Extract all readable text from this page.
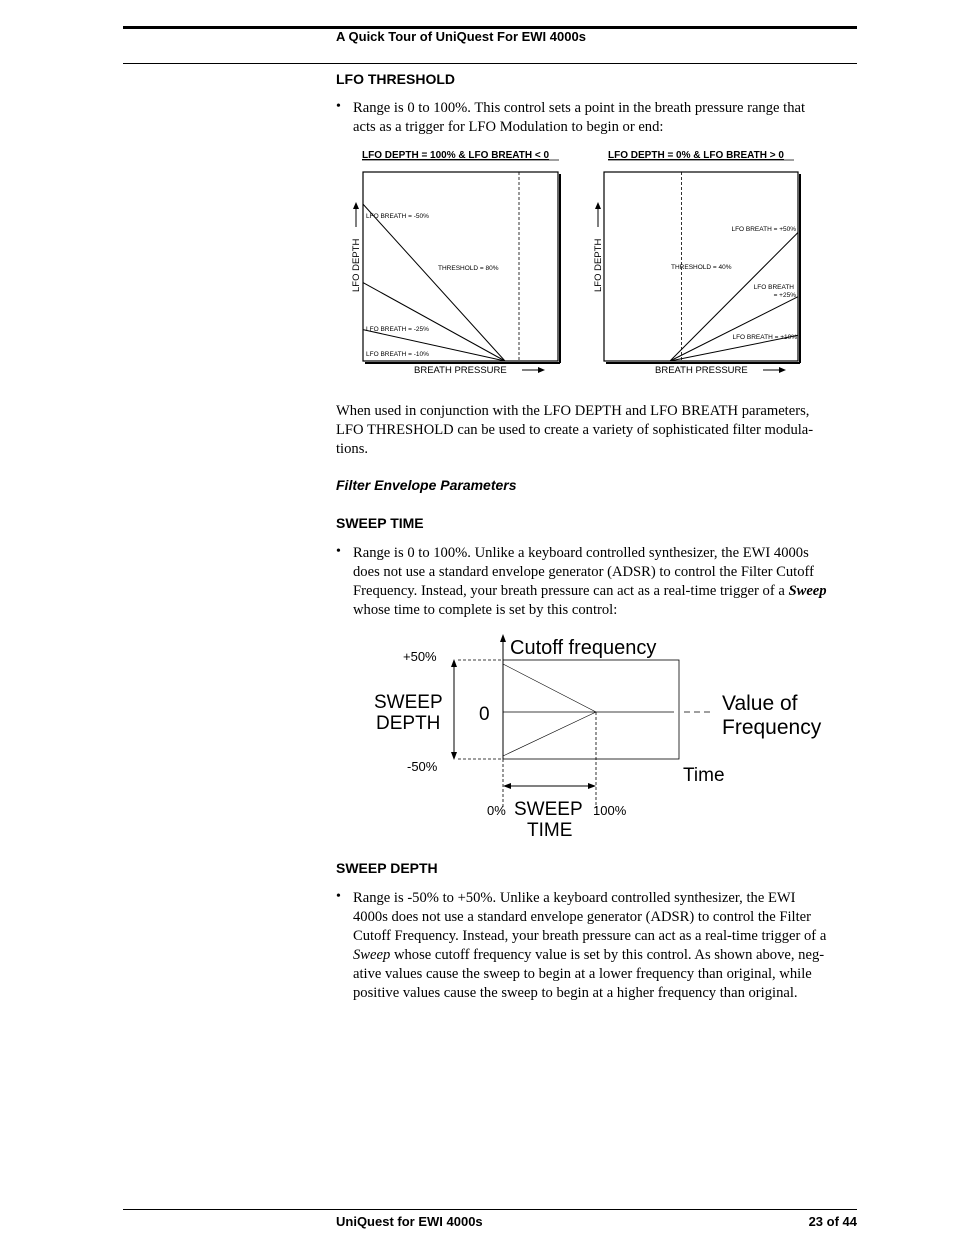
A Quick Tour of UniQuest For EWI 4000s
LFO THRESHOLD
• Range is 0 to 100%. This control sets a point in the breath pressure range that
acts as a trigger for LFO Modulation to begin or end:
LFO DEPTH = 100% & LFO BREATH < 0
THRESHOLD = 80%
LFO BREATH = -50%
LFO BREATH = -25%
LFO BREATH = -10%
LFO DEPTH
BREATH PRESSURE
LFO DEPTH = 0% & LFO BREATH > 0
THRESHOLD = 40%
LFO BREATH = +50%
LFO BREATH
= +25%
LFO BREATH = +10%
LFO DEPTH
BREATH PRESSURE
When used in conjunction with the LFO DEPTH and LFO BREATH parameters,
LFO THRESHOLD can be used to create a variety of sophisticated filter modula-
tions.
Filter Envelope Parameters
SWEEP TIME
• Range is 0 to 100%. Unlike a keyboard controlled synthesizer, the EWI 4000s
does not use a standard envelope generator (ADSR) to control the Filter Cutoff
Frequency. Instead, your breath pressure can act as a real-time trigger of a Sweep
whose time to complete is set by this control:
Cutoff frequency
+50%
-50%
SWEEP
DEPTH 0	Value of
Frequency
Time
0%	100%
SWEEP
TIME
SWEEP DEPTH
• Range is -50% to +50%. Unlike a keyboard controlled synthesizer, the EWI
4000s does not use a standard envelope generator (ADSR) to control the Filter
Cutoff Frequency. Instead, your breath pressure can act as a real-time trigger of a
Sweep whose cutoff frequency value is set by this control. As shown above, neg-
ative values cause the sweep to begin at a lower frequency than original, while
positive values cause the sweep to begin at a higher frequency than original.
UniQuest for EWI 4000s	23 of 44
